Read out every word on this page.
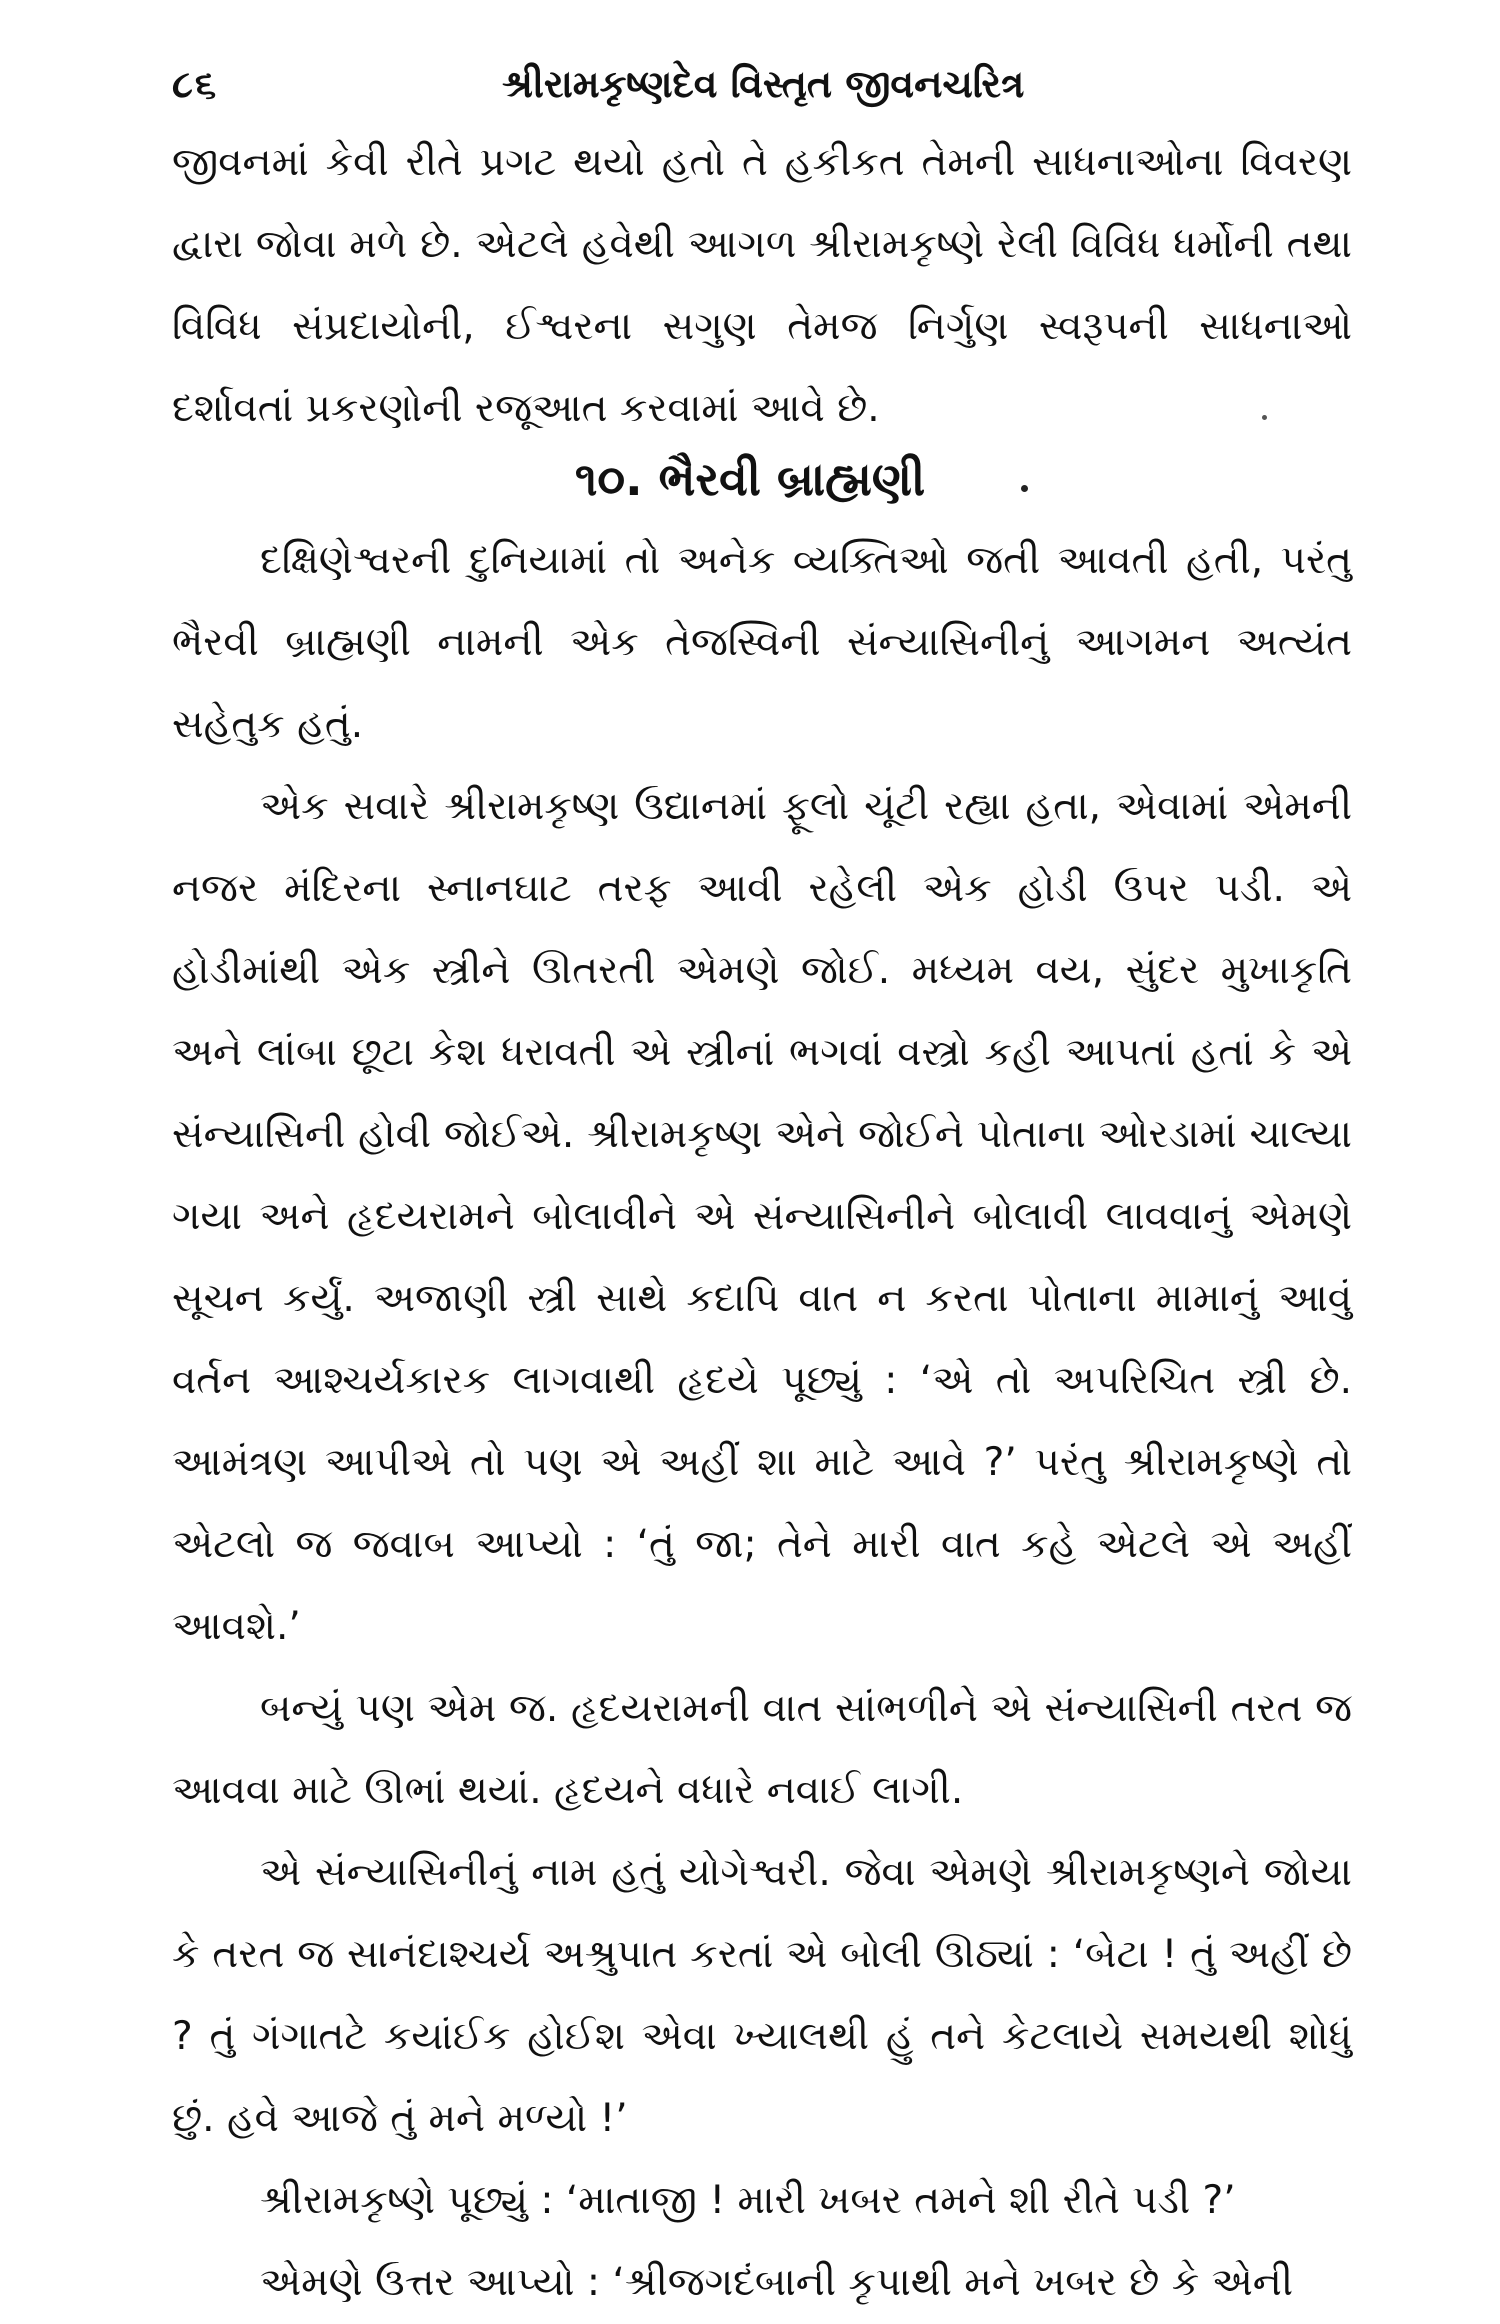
૮૬	શ્રીરામકૃષ્ણદેવ વિસ્તૃત જીવનચરિત્ર

જીવનમાં કેવી રીતે પ્રગટ થયો હતો તે હકીકત તેમની સાધનાઓના વિવરણ દ્વારા જોવા મળે છે. એટલે હવેથી આગળ શ્રીરામકૃષ્ણે રેલી વિવિધ ધર્મોની તથા વિવિધ સંપ્રદાયોની, ઈશ્વરના સગુણ તેમજ નિર્ગુણ સ્વરૂપની સાધનાઓ દર્શાવતાં પ્રકરણોની રજૂઆત કરવામાં આવે છે.

૧૦. ભૈરવી બ્રાહ્મણી

દક્ષિણેશ્વરની દુનિયામાં તો અનેક વ્યક્તિઓ જતી આવતી હતી, પરંતુ ભૈરવી બ્રાહ્મણી નામની એક તેજસ્વિની સંન્યાસિનીનું આગમન અત્યંત સહેતુક હતું.

એક સવારે શ્રીરામકૃષ્ણ ઉદ્યાનમાં ફૂલો ચૂંટી રહ્યા હતા, એવામાં એમની નજર મંદિરના સ્નાનઘાટ તરફ આવી રહેલી એક હોડી ઉપર પડી. એ હોડીમાંથી એક સ્ત્રીને ઊતરતી એમણે જોઈ. મધ્યમ વય, સુંદર મુખાકૃતિ અને લાંબા છૂટા કેશ ધરાવતી એ સ્ત્રીનાં ભગવાં વસ્ત્રો કહી આપતાં હતાં કે એ સંન્યાસિની હોવી જોઈએ. શ્રીરામકૃષ્ણ એને જોઈને પોતાના ઓરડામાં ચાલ્યા ગયા અને હૃદયરામને બોલાવીને એ સંન્યાસિનીને બોલાવી લાવવાનું એમણે સૂચન કર્યું. અજાણી સ્ત્રી સાથે કદાપિ વાત ન કરતા પોતાના મામાનું આવું વર્તન આશ્ચર્યકારક લાગવાથી હૃદયે પૂછ્યું : ‘એ તો અપરિચિત સ્ત્રી છે. આમંત્રણ આપીએ તો પણ એ અહીં શા માટે આવે ?’ પરંતુ શ્રીરામકૃષ્ણે તો એટલો જ જવાબ આપ્યો : ‘તું જા; તેને મારી વાત કહે એટલે એ અહીં આવશે.’

બન્યું પણ એમ જ. હૃદયરામની વાત સાંભળીને એ સંન્યાસિની તરત જ આવવા માટે ઊભાં થયાં. હૃદયને વધારે નવાઈ લાગી.

એ સંન્યાસિનીનું નામ હતું યોગેશ્વરી. જેવા એમણે શ્રીરામકૃષ્ણને જોયા કે તરત જ સાનંદાશ્ચર્ય અશ્રુપાત કરતાં એ બોલી ઊઠ્યાં : ‘બેટા ! તું અહીં છે ? તું ગંગાતટે કયાંઈક હોઈશ એવા ખ્યાલથી હું તને કેટલાયે સમયથી શોધું છું. હવે આજે તું મને મળ્યો !’

શ્રીરામકૃષ્ણે પૂછ્યું : ‘માતાજી ! મારી ખબર તમને શી રીતે પડી ?’

એમણે ઉત્તર આપ્યો : ‘શ્રીજગદંબાની કૃપાથી મને ખબર છે કે એની
